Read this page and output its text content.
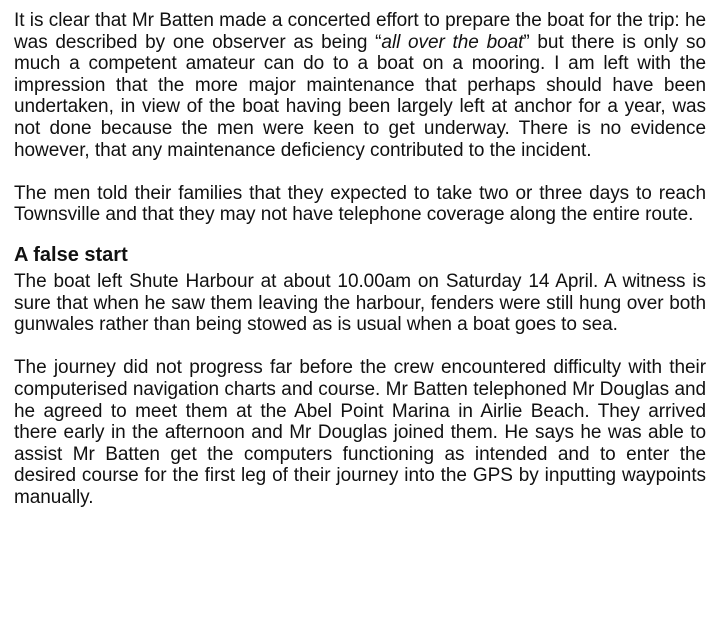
It is clear that Mr Batten made a concerted effort to prepare the boat for the trip: he was described by one observer as being “all over the boat” but there is only so much a competent amateur can do to a boat on a mooring. I am left with the impression that the more major maintenance that perhaps should have been undertaken, in view of the boat having been largely left at anchor for a year, was not done because the men were keen to get underway. There is no evidence however, that any maintenance deficiency contributed to the incident.

The men told their families that they expected to take two or three days to reach Townsville and that they may not have telephone coverage along the entire route.

A false start

The boat left Shute Harbour at about 10.00am on Saturday 14 April. A witness is sure that when he saw them leaving the harbour, fenders were still hung over both gunwales rather than being stowed as is usual when a boat goes to sea.

The journey did not progress far before the crew encountered difficulty with their computerised navigation charts and course. Mr Batten telephoned Mr Douglas and he agreed to meet them at the Abel Point Marina in Airlie Beach. They arrived there early in the afternoon and Mr Douglas joined them. He says he was able to assist Mr Batten get the computers functioning as intended and to enter the desired course for the first leg of their journey into the GPS by inputting waypoints manually.
